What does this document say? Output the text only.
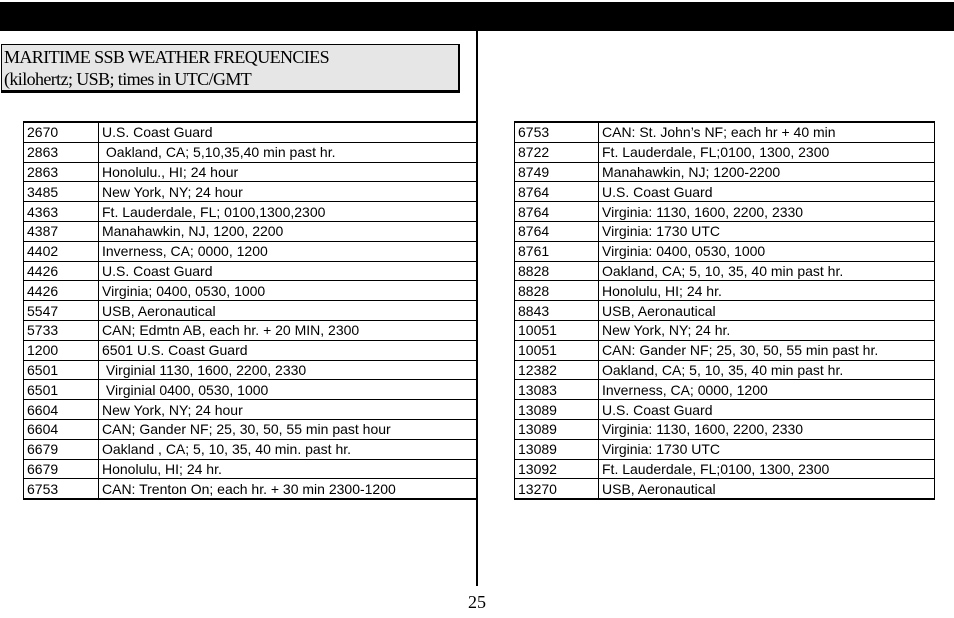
MARITIME SSB WEATHER FREQUENCIES
(kilohertz; USB; times in UTC/GMT
2670	U.S. Coast Guard
2863	Oakland, CA; 5,10,35,40 min past hr.
2863	Honolulu., HI; 24 hour
3485	New York, NY; 24 hour
4363	Ft. Lauderdale, FL; 0100,1300,2300
4387	Manahawkin, NJ, 1200, 2200
4402	Inverness, CA; 0000, 1200
4426	U.S. Coast Guard
4426	Virginia; 0400, 0530, 1000
5547	USB, Aeronautical
5733	CAN; Edmtn AB, each hr. + 20 MIN, 2300
1200	6501 U.S. Coast Guard
6501	Virginial 1130, 1600, 2200, 2330
6501	Virginial 0400, 0530, 1000
6604	New York, NY; 24 hour
6604	CAN; Gander NF; 25, 30, 50, 55 min past hour
6679	Oakland , CA; 5, 10, 35, 40 min. past hr.
6679	Honolulu, HI; 24 hr.
6753	CAN: Trenton On; each hr. + 30 min 2300-1200
6753	CAN: St. John’s NF; each hr + 40 min
8722	Ft. Lauderdale, FL;0100, 1300, 2300
8749	Manahawkin, NJ; 1200-2200
8764	U.S. Coast Guard
8764	Virginia: 1130, 1600, 2200, 2330
8764	Virginia: 1730 UTC
8761	Virginia: 0400, 0530, 1000
8828	Oakland, CA; 5, 10, 35, 40 min past hr.
8828	Honolulu, HI; 24 hr.
8843	USB, Aeronautical
10051	New York, NY; 24 hr.
10051	CAN: Gander NF; 25, 30, 50, 55 min past hr.
12382	Oakland, CA; 5, 10, 35, 40 min past hr.
13083	Inverness, CA; 0000, 1200
13089	U.S. Coast Guard
13089	Virginia: 1130, 1600, 2200, 2330
13089	Virginia: 1730 UTC
13092	Ft. Lauderdale, FL;0100, 1300, 2300
13270	USB, Aeronautical
25
